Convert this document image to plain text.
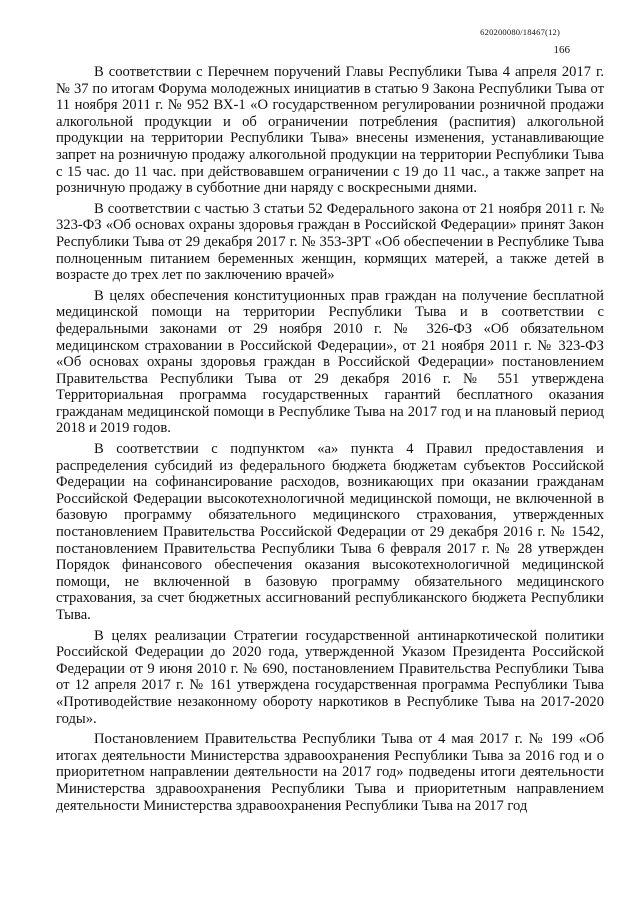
620200080/18467(12)
166

В соответствии с Перечнем поручений Главы Республики Тыва 4 апреля 2017 г. № 37 по итогам Форума молодежных инициатив в статью 9 Закона Республики Тыва от 11 ноября 2011 г. № 952 ВХ-1 «О государственном регулировании розничной продажи алкогольной продукции и об ограничении потребления (распития) алкогольной продукции на территории Республики Тыва» внесены изменения, устанавливающие запрет на розничную продажу алкогольной продукции на территории Республики Тыва с 15 час. до 11 час. при действовавшем ограничении с 19 до 11 час., а также запрет на розничную продажу в субботние дни наряду с воскресными днями.

В соответствии с частью 3 статьи 52 Федерального закона от 21 ноября 2011 г. № 323-ФЗ «Об основах охраны здоровья граждан в Российской Федерации» принят Закон Республики Тыва от 29 декабря 2017 г. № 353-ЗРТ «Об обеспечении в Республике Тыва полноценным питанием беременных женщин, кормящих матерей, а также детей в возрасте до трех лет по заключению врачей»

В целях обеспечения конституционных прав граждан на получение бесплатной медицинской помощи на территории Республики Тыва и в соответствии с федеральными законами от 29 ноября 2010 г. № 326-ФЗ «Об обязательном медицинском страховании в Российской Федерации», от 21 ноября 2011 г. № 323-ФЗ «Об основах охраны здоровья граждан в Российской Федерации» постановлением Правительства Республики Тыва от 29 декабря 2016 г. № 551 утверждена Территориальная программа государственных гарантий бесплатного оказания гражданам медицинской помощи в Республике Тыва на 2017 год и на плановый период 2018 и 2019 годов.

В соответствии с подпунктом «а» пункта 4 Правил предоставления и распределения субсидий из федерального бюджета бюджетам субъектов Российской Федерации на софинансирование расходов, возникающих при оказании гражданам Российской Федерации высокотехнологичной медицинской помощи, не включенной в базовую программу обязательного медицинского страхования, утвержденных постановлением Правительства Российской Федерации от 29 декабря 2016 г. № 1542, постановлением Правительства Республики Тыва 6 февраля 2017 г. № 28 утвержден Порядок финансового обеспечения оказания высокотехнологичной медицинской помощи, не включенной в базовую программу обязательного медицинского страхования, за счет бюджетных ассигнований республиканского бюджета Республики Тыва.

В целях реализации Стратегии государственной антинаркотической политики Российской Федерации до 2020 года, утвержденной Указом Президента Российской Федерации от 9 июня 2010 г. № 690, постановлением Правительства Республики Тыва от 12 апреля 2017 г. № 161 утверждена государственная программа Республики Тыва «Противодействие незаконному обороту наркотиков в Республике Тыва на 2017-2020 годы».

Постановлением Правительства Республики Тыва от 4 мая 2017 г. № 199 «Об итогах деятельности Министерства здравоохранения Республики Тыва за 2016 год и о приоритетном направлении деятельности на 2017 год» подведены итоги деятельности Министерства здравоохранения Республики Тыва и приоритетным направлением деятельности Министерства здравоохранения Республики Тыва на 2017 год
